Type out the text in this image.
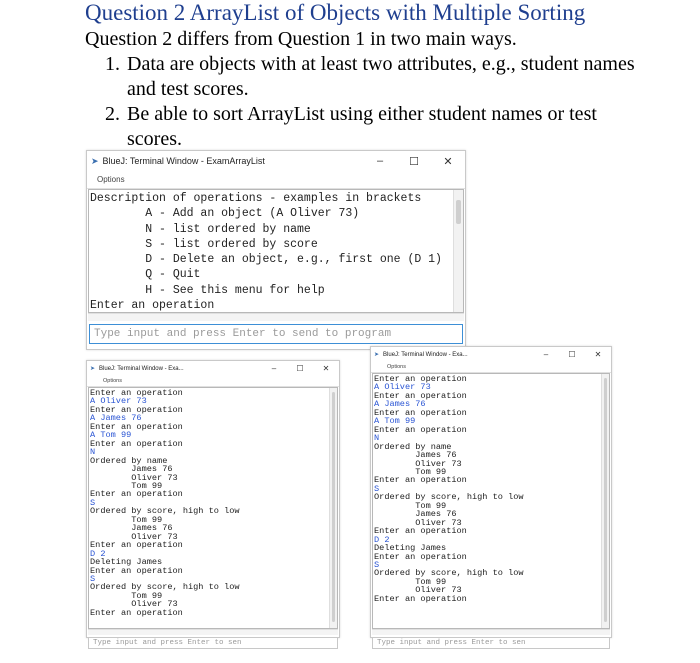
Question 2 ArrayList of Objects with Multiple Sorting
Question 2 differs from Question 1 in two main ways.
1. Data are objects with at least two attributes, e.g., student names and test scores.
2. Be able to sort ArrayList using either student names or test scores.
➤ BlueJ: Terminal Window - ExamArrayList	–	☐	✕
Options
Description of operations - examples in brackets
A - Add an object (A Oliver 73)
N - list ordered by name
S - list ordered by score
D - Delete an object, e.g., first one (D 1)
Q - Quit
H - See this menu for help
Enter an operation
Type input and press Enter to send to program
➤ BlueJ: Terminal Window - Exa...	–	☐	✕
Options
Enter an operation
A Oliver 73
Enter an operation
A James 76
Enter an operation
A Tom 99
Enter an operation
N
Ordered by name
James 76
Oliver 73
Tom 99
Enter an operation
S
Ordered by score, high to low
Tom 99
James 76
Oliver 73
Enter an operation
D 2
Deleting James
Enter an operation
S
Ordered by score, high to low
Tom 99
Oliver 73
Enter an operation
Type input and press Enter to sen
➤ BlueJ: Terminal Window - Exa...	–	☐	✕
Options
Enter an operation
A Oliver 73
Enter an operation
A James 76
Enter an operation
A Tom 99
Enter an operation
N
Ordered by name
James 76
Oliver 73
Tom 99
Enter an operation
S
Ordered by score, high to low
Tom 99
James 76
Oliver 73
Enter an operation
D 2
Deleting James
Enter an operation
S
Ordered by score, high to low
Tom 99
Oliver 73
Enter an operation
Type input and press Enter to sen
